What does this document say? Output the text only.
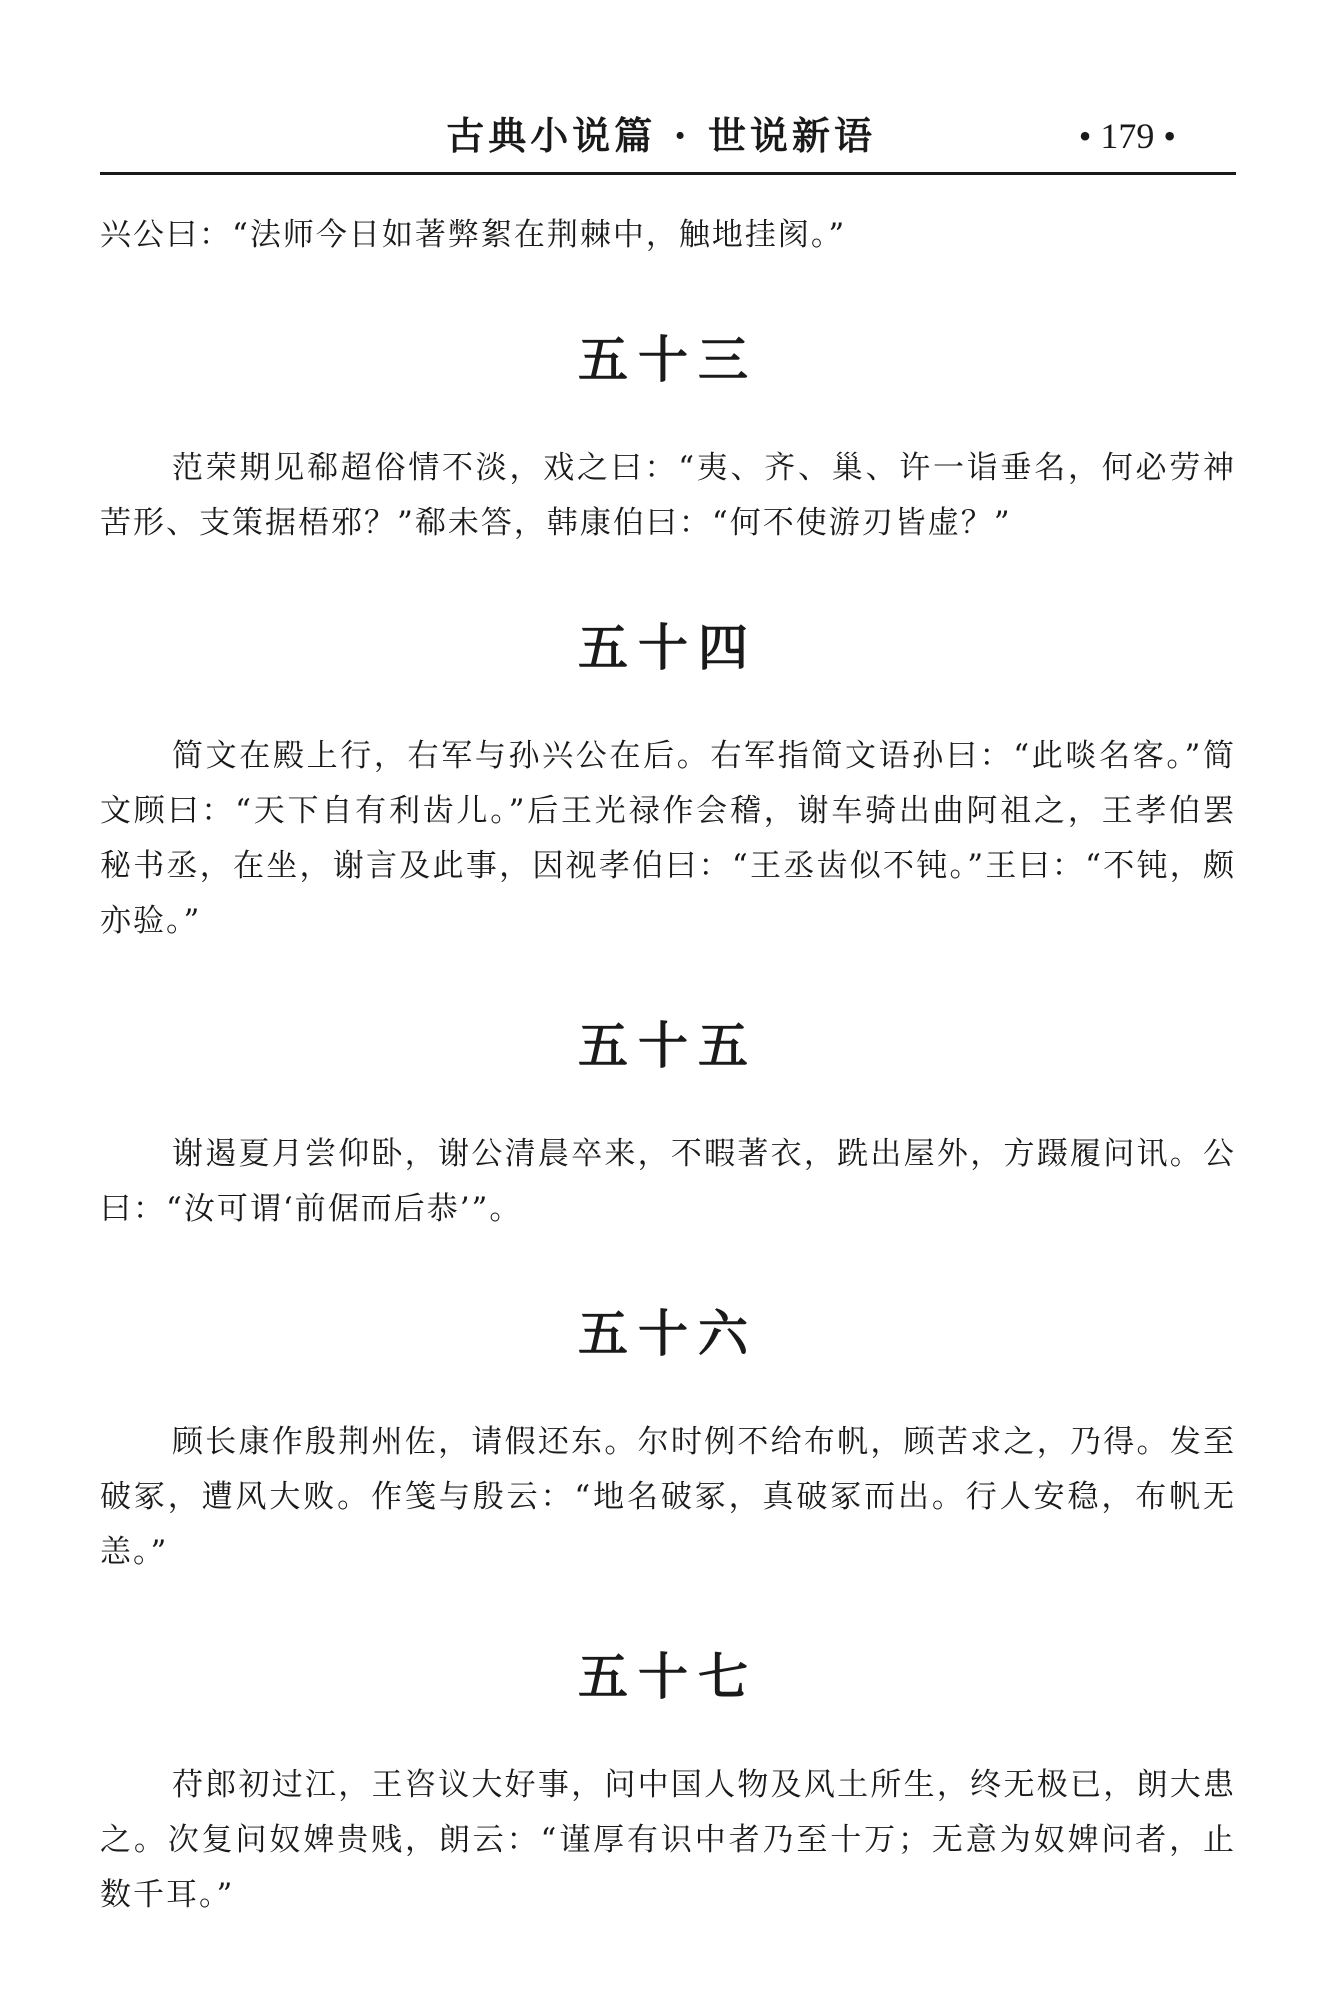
古典小说篇 · 世说新语	• 179 •

兴公曰：“法师今日如著弊絮在荆棘中，触地挂阂。”

五十三

范荣期见郗超俗情不淡，戏之曰：“夷、齐、巢、许一诣垂名，何必劳神苦形、支策据梧邪？”郗未答，韩康伯曰：“何不使游刃皆虚？”

五十四

简文在殿上行，右军与孙兴公在后。右军指简文语孙曰：“此啖名客。”简文顾曰：“天下自有利齿儿。”后王光禄作会稽，谢车骑出曲阿祖之，王孝伯罢秘书丞，在坐，谢言及此事，因视孝伯曰：“王丞齿似不钝。”王曰：“不钝，颇亦验。”

五十五

谢遏夏月尝仰卧，谢公清晨卒来，不暇著衣，跣出屋外，方蹑履问讯。公曰：“汝可谓‘前倨而后恭’”。

五十六

顾长康作殷荆州佐，请假还东。尔时例不给布帆，顾苦求之，乃得。发至破冢，遭风大败。作笺与殷云：“地名破冢，真破冢而出。行人安稳，布帆无恙。”

五十七

苻郎初过江，王咨议大好事，问中国人物及风土所生，终无极已，朗大患之。次复问奴婢贵贱，朗云：“谨厚有识中者乃至十万；无意为奴婢问者，止数千耳。”
